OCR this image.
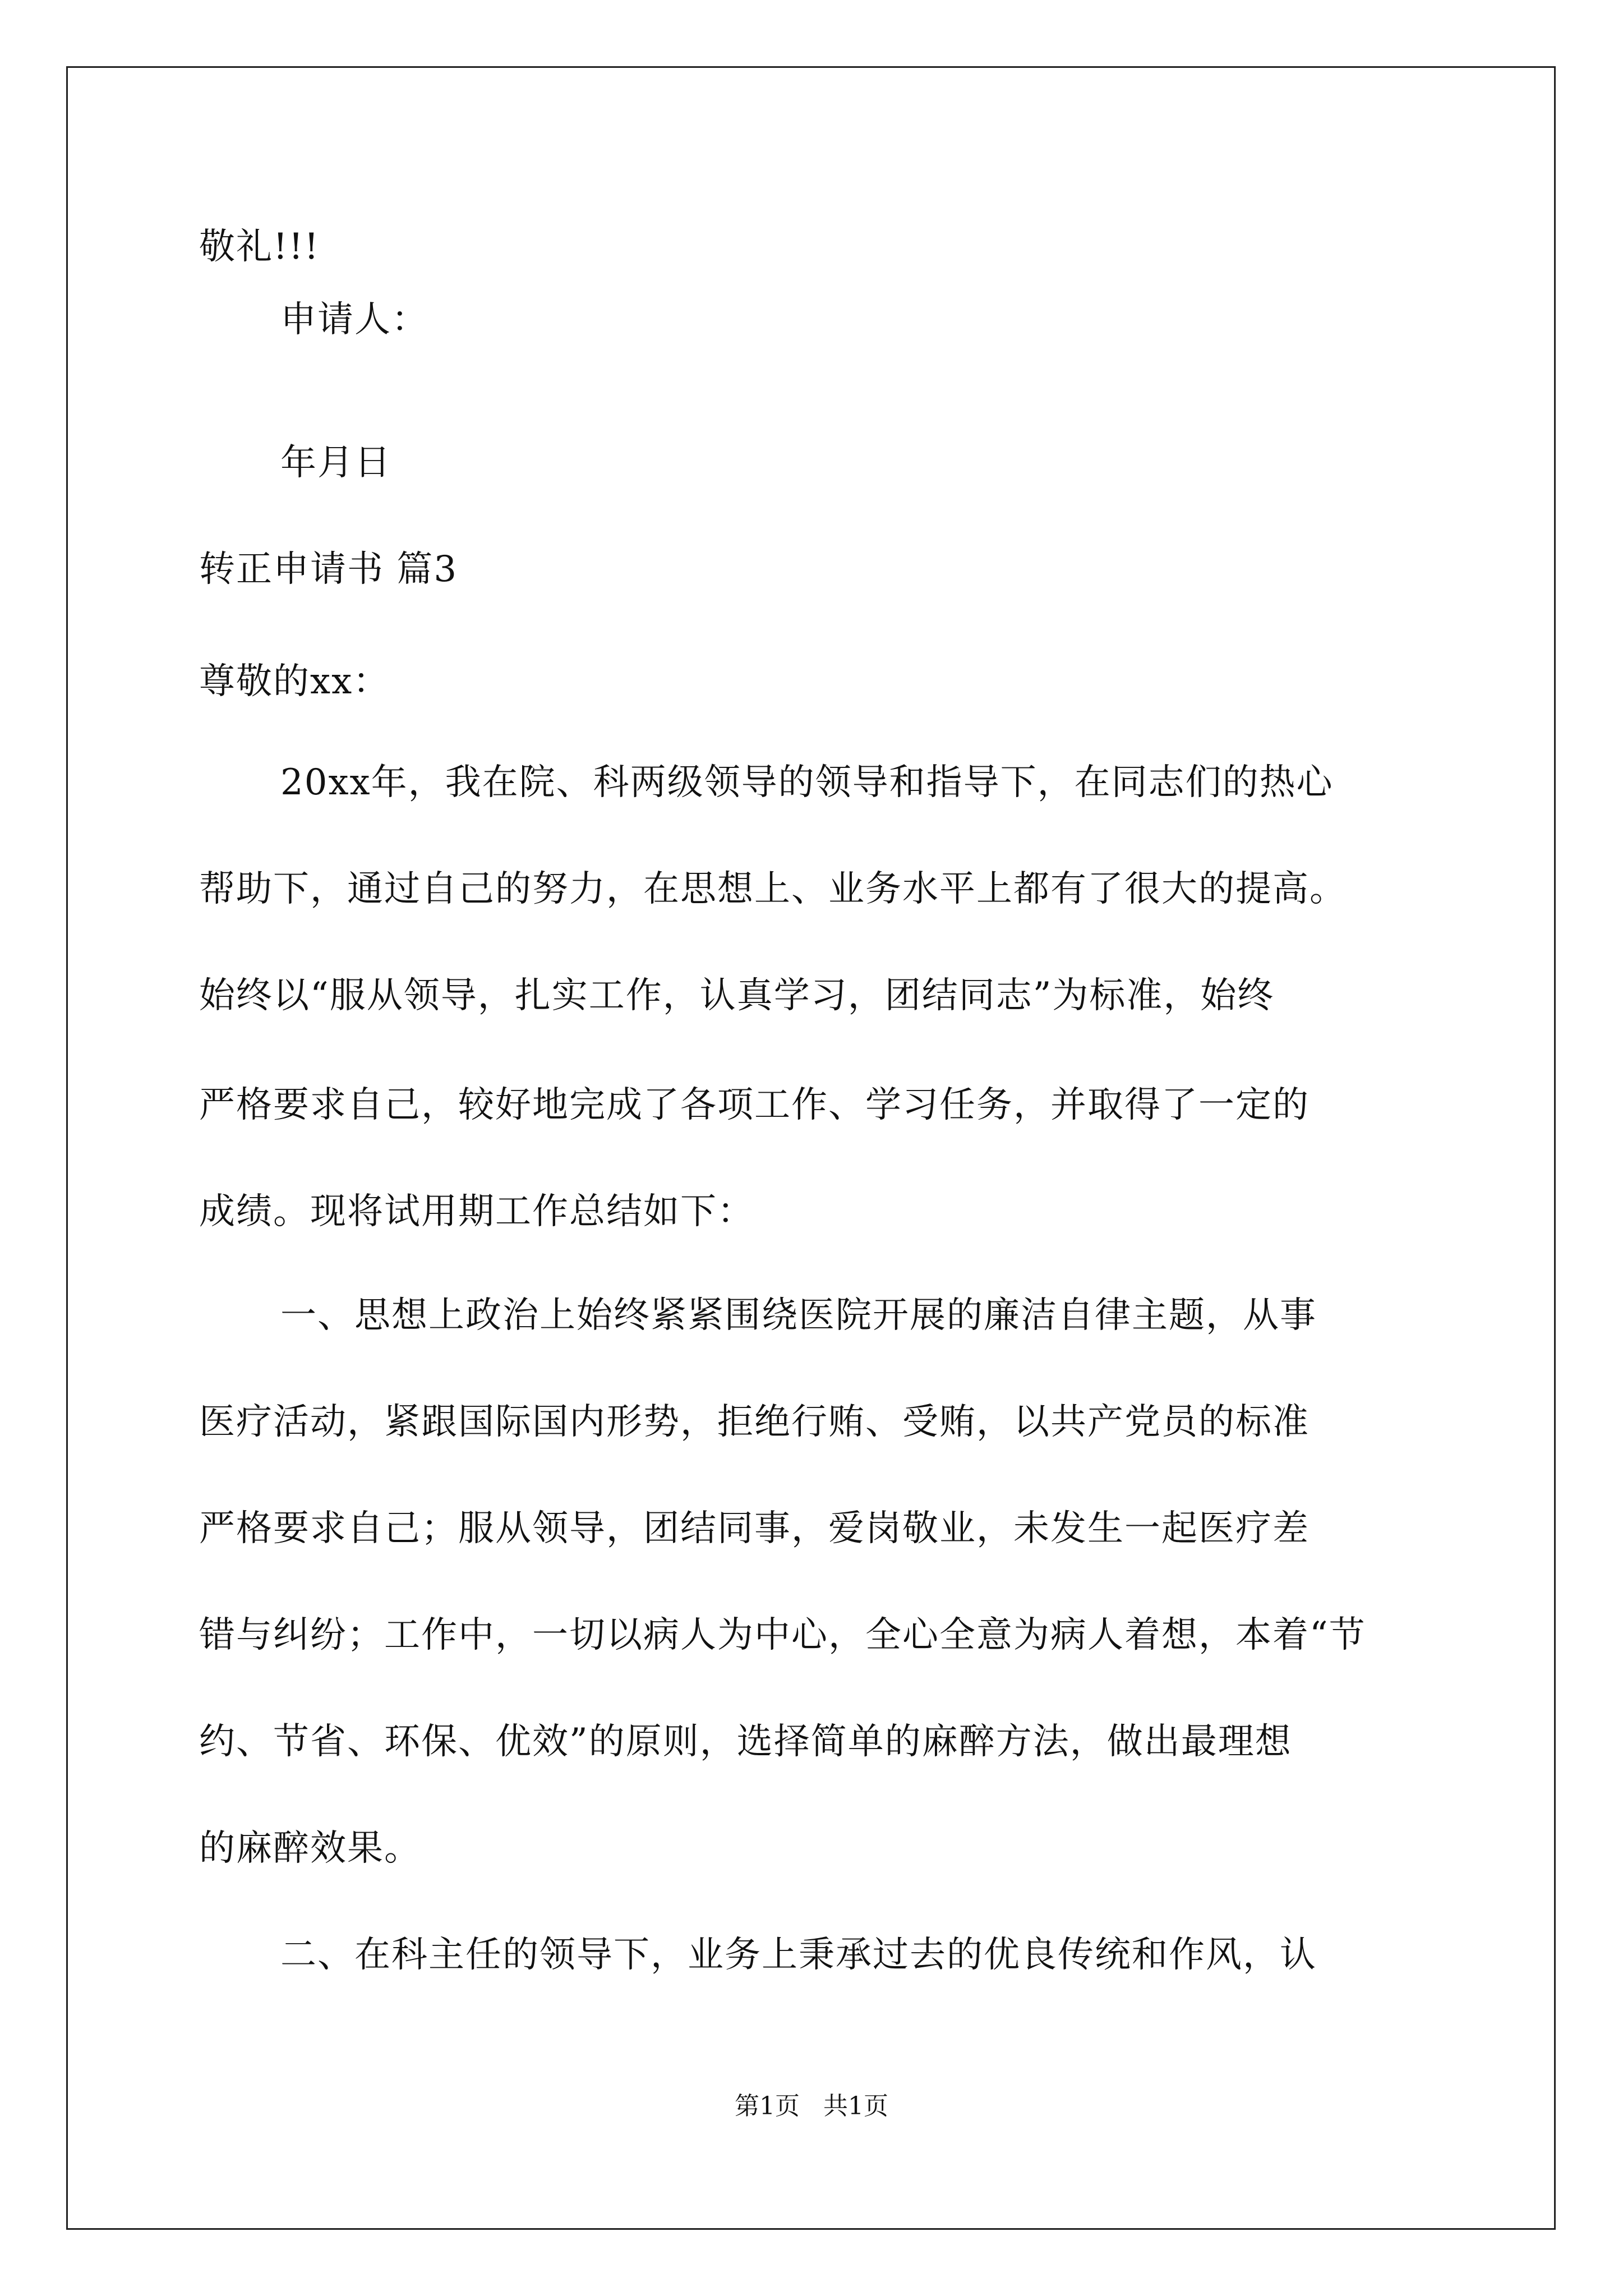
敬礼!!!
申请人：
年月日
转正申请书 篇3
尊敬的xx：
20xx年，我在院、科两级领导的领导和指导下，在同志们的热心
帮助下，通过自己的努力，在思想上、业务水平上都有了很大的提高。
始终以“服从领导，扎实工作，认真学习，团结同志”为标准，始终
严格要求自己，较好地完成了各项工作、学习任务，并取得了一定的
成绩。现将试用期工作总结如下：
一、思想上政治上始终紧紧围绕医院开展的廉洁自律主题，从事
医疗活动，紧跟国际国内形势，拒绝行贿、受贿，以共产党员的标准
严格要求自己；服从领导，团结同事，爱岗敬业，未发生一起医疗差
错与纠纷；工作中，一切以病人为中心，全心全意为病人着想，本着“节
约、节省、环保、优效”的原则，选择简单的麻醉方法，做出最理想
的麻醉效果。
二、在科主任的领导下，业务上秉承过去的优良传统和作风，认
第1页   共1页
